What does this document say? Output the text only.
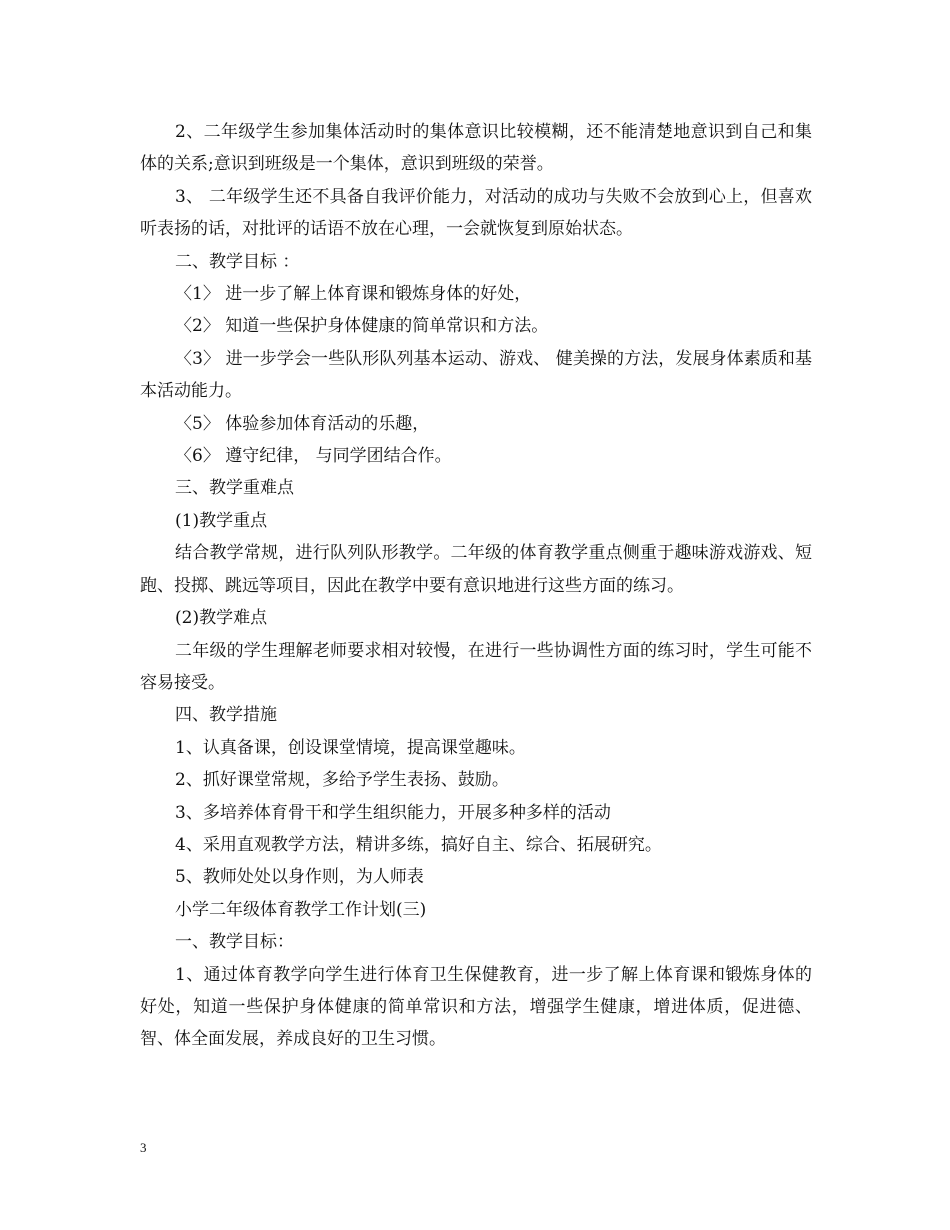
2、二年级学生参加集体活动时的集体意识比较模糊，还不能清楚地意识到自己和集体的关系;意识到班级是一个集体，意识到班级的荣誉。

3、 二年级学生还不具备自我评价能力，对活动的成功与失败不会放到心上，但喜欢听表扬的话，对批评的话语不放在心理，一会就恢复到原始状态。

二、教学目标 ：

〈1〉 进一步了解上体育课和锻炼身体的好处，

〈2〉 知道一些保护身体健康的简单常识和方法。

〈3〉 进一步学会一些队形队列基本运动、游戏、 健美操的方法，发展身体素质和基本活动能力。

〈5〉 体验参加体育活动的乐趣，

〈6〉 遵守纪律， 与同学团结合作。

三、教学重难点

(1)教学重点

结合教学常规，进行队列队形教学。二年级的体育教学重点侧重于趣味游戏游戏、短跑、投掷、跳远等项目，因此在教学中要有意识地进行这些方面的练习。

(2)教学难点

二年级的学生理解老师要求相对较慢，在进行一些协调性方面的练习时，学生可能不容易接受。

四、教学措施

1、认真备课，创设课堂情境，提高课堂趣味。

2、抓好课堂常规，多给予学生表扬、鼓励。

3、多培养体育骨干和学生组织能力，开展多种多样的活动

4、采用直观教学方法，精讲多练，搞好自主、综合、拓展研究。

5、教师处处以身作则，为人师表

小学二年级体育教学工作计划(三)

一、教学目标：

1、通过体育教学向学生进行体育卫生保健教育，进一步了解上体育课和锻炼身体的好处，知道一些保护身体健康的简单常识和方法，增强学生健康，增进体质，促进德、智、体全面发展，养成良好的卫生习惯。

3
